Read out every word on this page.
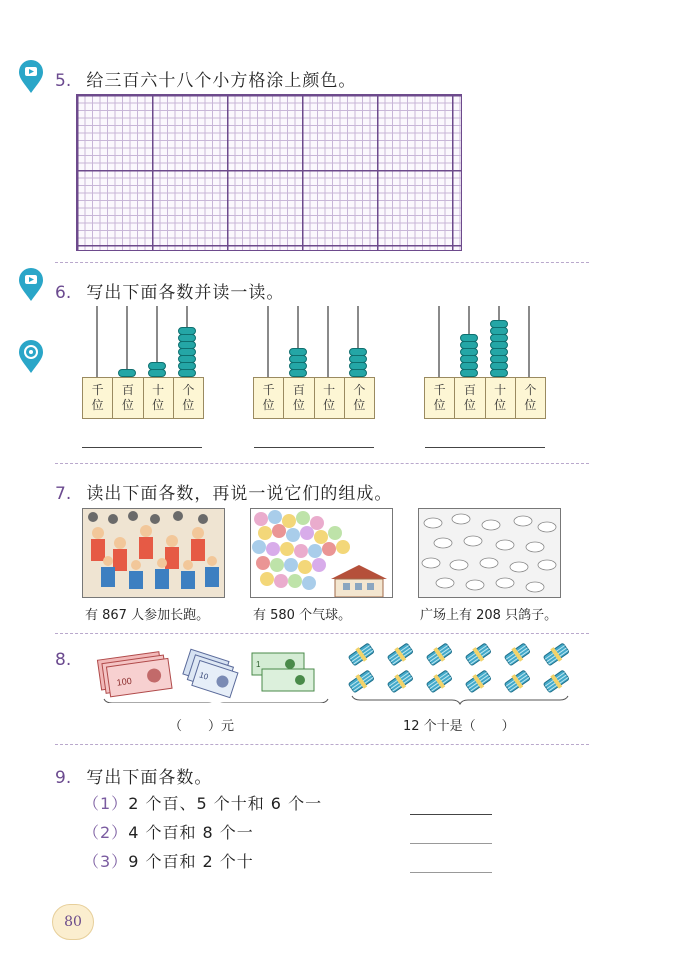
5. 给三百六十八个小方格涂上颜色。
6. 写出下面各数并读一读。
千
位
百
位
十
位
个
位
千
位
百
位
十
位
个
位
千
位
百
位
十
位
个
位
7. 读出下面各数，再说一说它们的组成。
有 867 人参加长跑。	有 580 个气球。	广场上有 208 只鸽子。
8.
100	10
1
（　　）元	12 个十是（　　）
9. 写出下面各数。
（1）2 个百、5 个十和 6 个一
（2）4 个百和 8 个一
（3）9 个百和 2 个十
80
